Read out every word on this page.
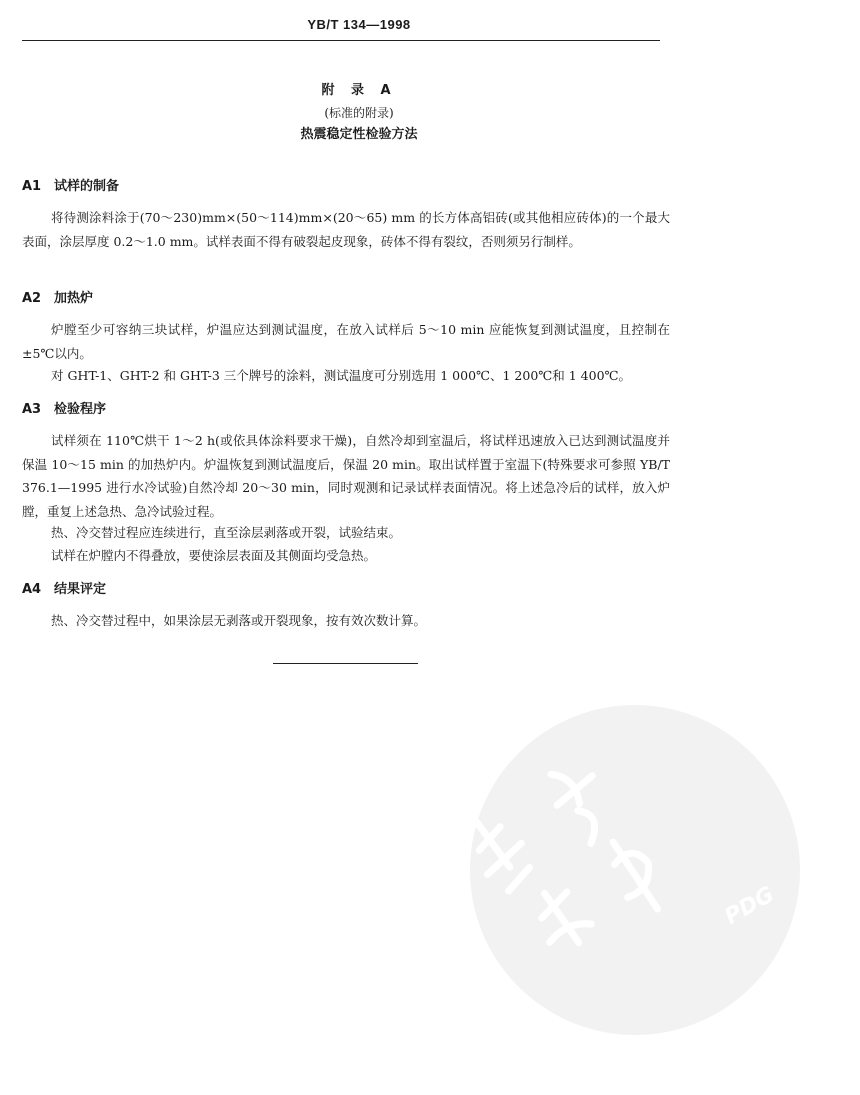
YB/T 134—1998
附 录 A
(标准的附录)
热震稳定性检验方法
A1 试样的制备
将待测涂料涂于(70～230)mm×(50～114)mm×(20～65) mm 的长方体高铝砖(或其他相应砖体)的一个最大表面，涂层厚度 0.2～1.0 mm。试样表面不得有破裂起皮现象，砖体不得有裂纹，否则须另行制样。
A2 加热炉
炉膛至少可容纳三块试样，炉温应达到测试温度，在放入试样后 5～10 min 应能恢复到测试温度，且控制在±5℃以内。
对 GHT-1、GHT-2 和 GHT-3 三个牌号的涂料，测试温度可分别选用 1 000℃、1 200℃和 1 400℃。
A3 检验程序
试样须在 110℃烘干 1～2 h(或依具体涂料要求干燥)，自然冷却到室温后，将试样迅速放入已达到测试温度并保温 10～15 min 的加热炉内。炉温恢复到测试温度后，保温 20 min。取出试样置于室温下(特殊要求可参照 YB/T 376.1—1995 进行水冷试验)自然冷却 20～30 min，同时观测和记录试样表面情况。将上述急冷后的试样，放入炉膛，重复上述急热、急冷试验过程。
热、冷交替过程应连续进行，直至涂层剥落或开裂，试验结束。
试样在炉膛内不得叠放，要使涂层表面及其侧面均受急热。
A4 结果评定
热、冷交替过程中，如果涂层无剥落或开裂现象，按有效次数计算。
PDG
